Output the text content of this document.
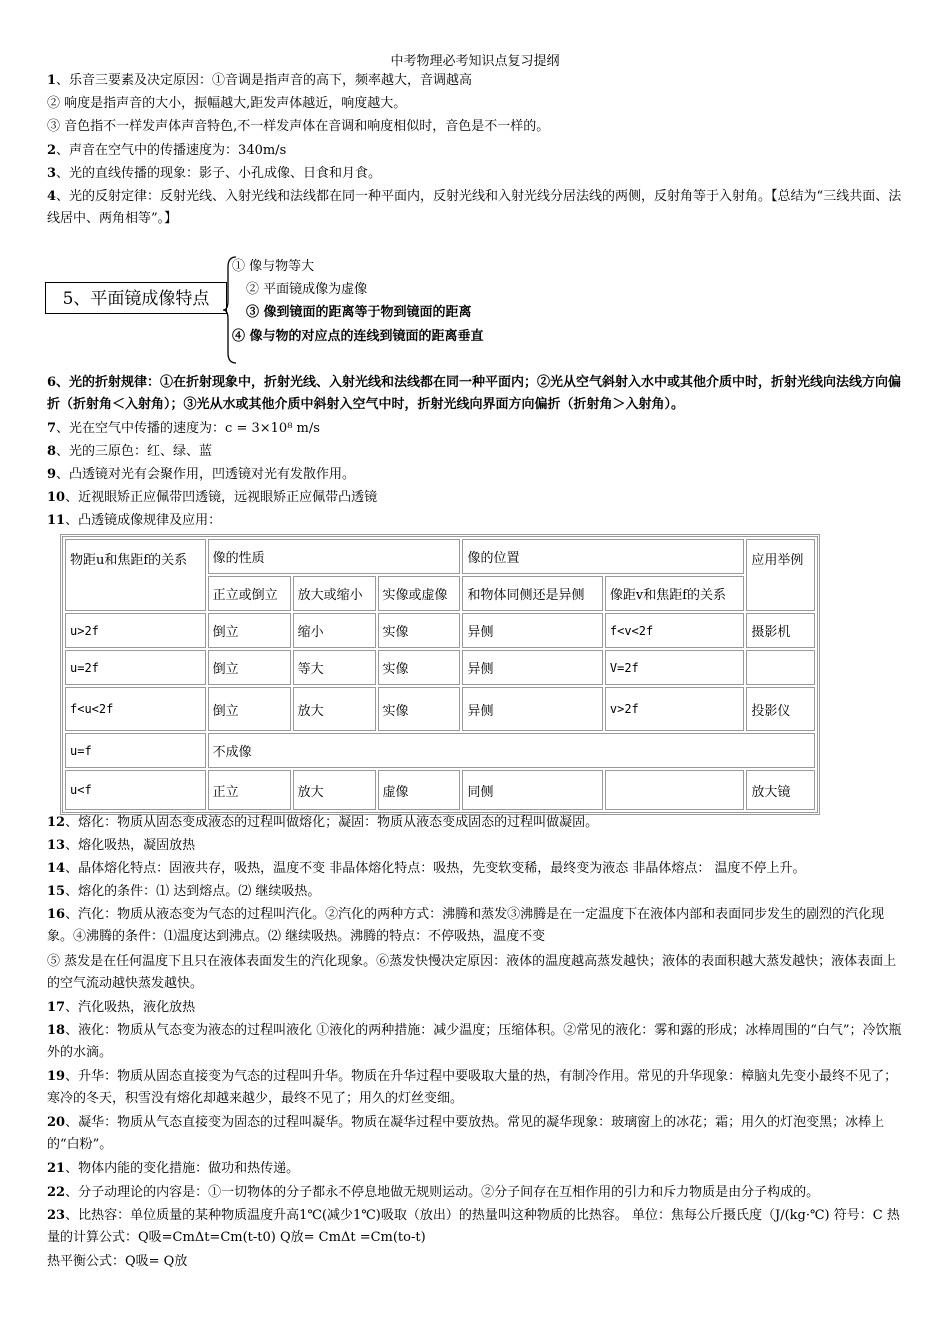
中考物理必考知识点复习提纲
1、乐音三要素及决定原因：①音调是指声音的高下，频率越大，音调越高
② 响度是指声音的大小，振幅越大,距发声体越近，响度越大。
③ 音色指不一样发声体声音特色,不一样发声体在音调和响度相似时，音色是不一样的。
2、声音在空气中的传播速度为：340m/s
3、光的直线传播的现象：影子、小孔成像、日食和月食。
4、光的反射定律：反射光线、入射光线和法线都在同一种平面内，反射光线和入射光线分居法线的两侧，反射角等于入射角。【总结为“三线共面、法线居中、两角相等”。】
5、平面镜成像特点
① 像与物等大
② 平面镜成像为虚像
③ 像到镜面的距离等于物到镜面的距离
④ 像与物的对应点的连线到镜面的距离垂直
6、光的折射规律：①在折射现象中，折射光线、入射光线和法线都在同一种平面内；②光从空气斜射入水中或其他介质中时，折射光线向法线方向偏折（折射角＜入射角）；③光从水或其他介质中斜射入空气中时，折射光线向界面方向偏折（折射角＞入射角）。
7、光在空气中传播的速度为：c = 3×10⁸ m/s
8、光的三原色：红、绿、蓝
9、凸透镜对光有会聚作用，凹透镜对光有发散作用。
10、近视眼矫正应佩带凹透镜，远视眼矫正应佩带凸透镜
11、凸透镜成像规律及应用：
物距u和焦距f的关系	像的性质			像的位置		应用举例
	正立或倒立	放大或缩小	实像或虚像	和物体同侧还是异侧	像距v和焦距f的关系	
u>2f	倒立	缩小	实像	异侧	f<v<2f	摄影机
u=2f	倒立	等大	实像	异侧	V=2f	
f<u<2f	倒立	放大	实像	异侧	v>2f	投影仪
u=f	不成像					
u<f	正立	放大	虚像	同侧		放大镜
12、熔化：物质从固态变成液态的过程叫做熔化；凝固：物质从液态变成固态的过程叫做凝固。
13、熔化吸热，凝固放热
14、晶体熔化特点：固液共存，吸热，温度不变 非晶体熔化特点：吸热，先变软变稀，最终变为液态 非晶体熔点： 温度不停上升。
15、熔化的条件：⑴ 达到熔点。⑵ 继续吸热。
16、汽化：物质从液态变为气态的过程叫汽化。②汽化的两种方式：沸腾和蒸发③沸腾是在一定温度下在液体内部和表面同步发生的剧烈的汽化现象。④沸腾的条件：⑴温度达到沸点。⑵ 继续吸热。沸腾的特点：不停吸热，温度不变
⑤ 蒸发是在任何温度下且只在液体表面发生的汽化现象。⑥蒸发快慢决定原因：液体的温度越高蒸发越快；液体的表面积越大蒸发越快；液体表面上的空气流动越快蒸发越快。
17、汽化吸热，液化放热
18、液化：物质从气态变为液态的过程叫液化 ①液化的两种措施：减少温度；压缩体积。②常见的液化：雾和露的形成；冰棒周围的“白气”；冷饮瓶外的水滴。
19、升华：物质从固态直接变为气态的过程叫升华。物质在升华过程中要吸取大量的热，有制冷作用。常见的升华现象：樟脑丸先变小最终不见了；寒冷的冬天，积雪没有熔化却越来越少，最终不见了；用久的灯丝变细。
20、凝华：物质从气态直接变为固态的过程叫凝华。物质在凝华过程中要放热。常见的凝华现象：玻璃窗上的冰花；霜；用久的灯泡变黑；冰棒上的“白粉”。
21、物体内能的变化措施：做功和热传递。
22、分子动理论的内容是：①一切物体的分子都永不停息地做无规则运动。②分子间存在互相作用的引力和斥力物质是由分子构成的。
23、比热容：单位质量的某种物质温度升高1℃(减少1℃)吸取（放出）的热量叫这种物质的比热容。 单位：焦每公斤摄氏度（J/(kg·℃) 符号：C 热量的计算公式：Q吸=CmΔt=Cm(t-t0) Q放= CmΔt =Cm(to-t)
热平衡公式：Q吸= Q放
